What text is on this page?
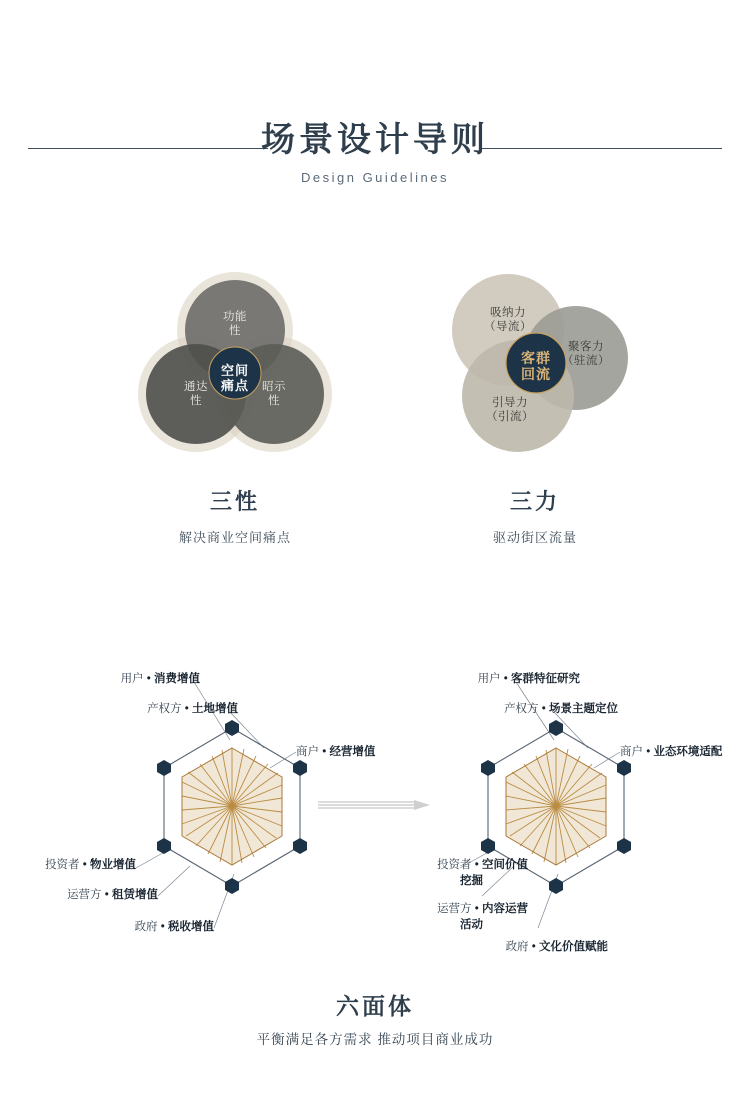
场景设计导则
Design Guidelines
功能
性
通达
性
昭示
性
空间
痛点
三性
解决商业空间痛点
吸纳力
（导流）
聚客力
（驻流）
引导力
（引流）
客群
回流
三力
驱动街区流量
用户 • 消费增值
产权方 • 土地增值
商户 • 经营增值
投资者 • 物业增值
运营方 • 租赁增值
政府 • 税收增值
用户 • 客群特征研究
产权方 • 场景主题定位
商户 • 业态环境适配
投资者 • 空间价值
挖掘
运营方 • 内容运营
活动
政府 • 文化价值赋能
六面体
平衡满足各方需求 推动项目商业成功
